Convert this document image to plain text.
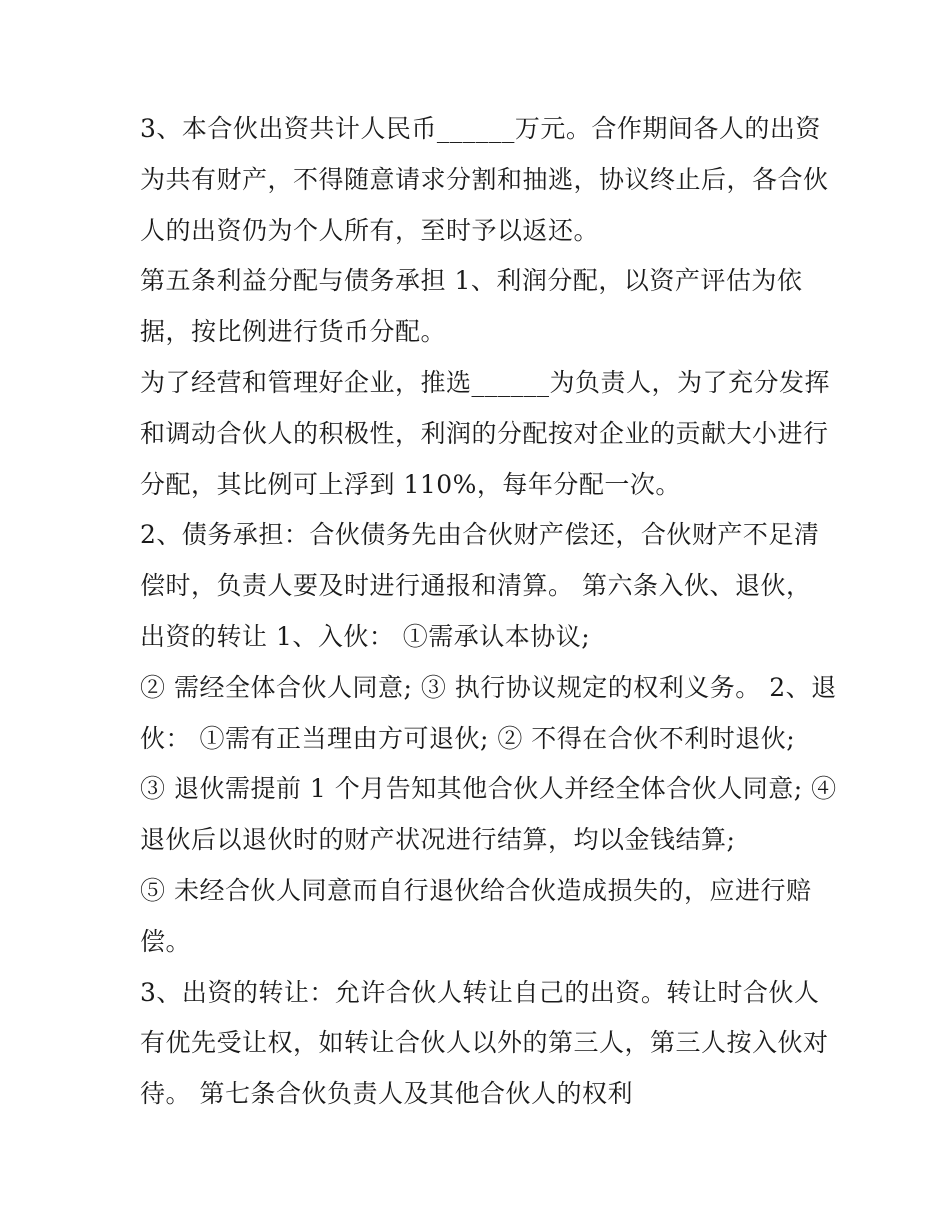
3、本合伙出资共计人民币______万元。合作期间各人的出资
为共有财产，不得随意请求分割和抽逃，协议终止后，各合伙
人的出资仍为个人所有，至时予以返还。
第五条利益分配与债务承担 1、利润分配，以资产评估为依
据，按比例进行货币分配。
为了经营和管理好企业，推选______为负责人，为了充分发挥
和调动合伙人的积极性，利润的分配按对企业的贡献大小进行
分配，其比例可上浮到 110%，每年分配一次。
2、债务承担：合伙债务先由合伙财产偿还，合伙财产不足清
偿时，负责人要及时进行通报和清算。 第六条入伙、退伙，
出资的转让 1、入伙： ①需承认本协议;
② 需经全体合伙人同意; ③ 执行协议规定的权利义务。 2、退
伙： ①需有正当理由方可退伙; ② 不得在合伙不利时退伙;
③ 退伙需提前 1 个月告知其他合伙人并经全体合伙人同意; ④
退伙后以退伙时的财产状况进行结算，均以金钱结算;
⑤ 未经合伙人同意而自行退伙给合伙造成损失的，应进行赔
偿。
3、出资的转让：允许合伙人转让自己的出资。转让时合伙人
有优先受让权，如转让合伙人以外的第三人，第三人按入伙对
待。 第七条合伙负责人及其他合伙人的权利
